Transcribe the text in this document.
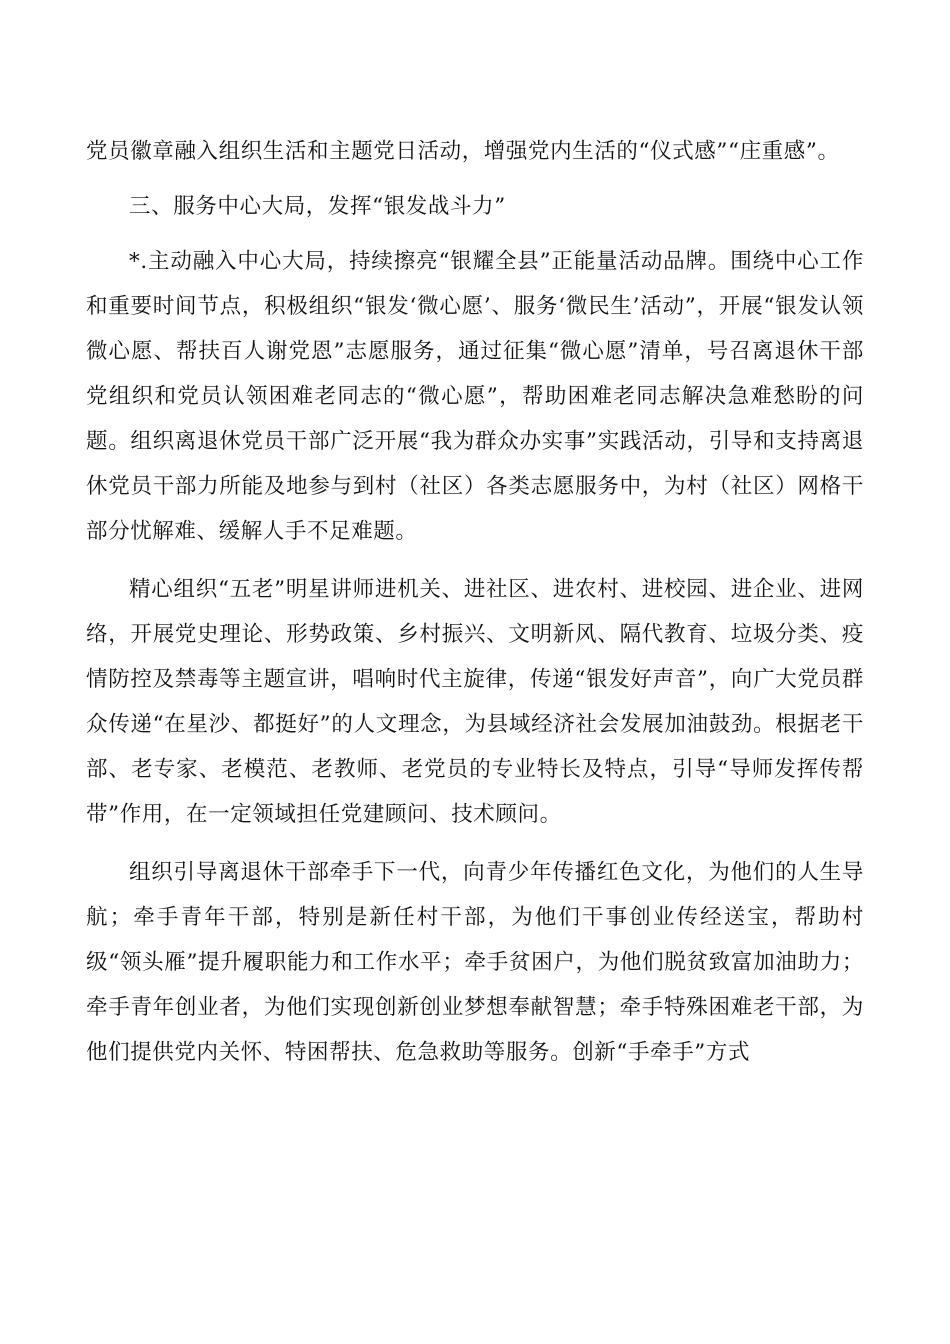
党员徽章融入组织生活和主题党日活动，增强党内生活的“仪式感”“庄重感”。

三、服务中心大局，发挥“银发战斗力”

*.主动融入中心大局，持续擦亮“银耀全县”正能量活动品牌。围绕中心工作和重要时间节点，积极组织“银发‘微心愿’、服务‘微民生’活动”，开展“银发认领微心愿、帮扶百人谢党恩”志愿服务，通过征集“微心愿”清单，号召离退休干部党组织和党员认领困难老同志的“微心愿”，帮助困难老同志解决急难愁盼的问题。组织离退休党员干部广泛开展“我为群众办实事”实践活动，引导和支持离退休党员干部力所能及地参与到村（社区）各类志愿服务中，为村（社区）网格干部分忧解难、缓解人手不足难题。

精心组织“五老”明星讲师进机关、进社区、进农村、进校园、进企业、进网络，开展党史理论、形势政策、乡村振兴、文明新风、隔代教育、垃圾分类、疫情防控及禁毒等主题宣讲，唱响时代主旋律，传递“银发好声音”，向广大党员群众传递“在星沙、都挺好”的人文理念，为县域经济社会发展加油鼓劲。根据老干部、老专家、老模范、老教师、老党员的专业特长及特点，引导“导师发挥传帮带”作用，在一定领域担任党建顾问、技术顾问。

组织引导离退休干部牵手下一代，向青少年传播红色文化，为他们的人生导航；牵手青年干部，特别是新任村干部，为他们干事创业传经送宝，帮助村级“领头雁”提升履职能力和工作水平；牵手贫困户，为他们脱贫致富加油助力；牵手青年创业者，为他们实现创新创业梦想奉献智慧；牵手特殊困难老干部，为他们提供党内关怀、特困帮扶、危急救助等服务。创新“手牵手”方式
